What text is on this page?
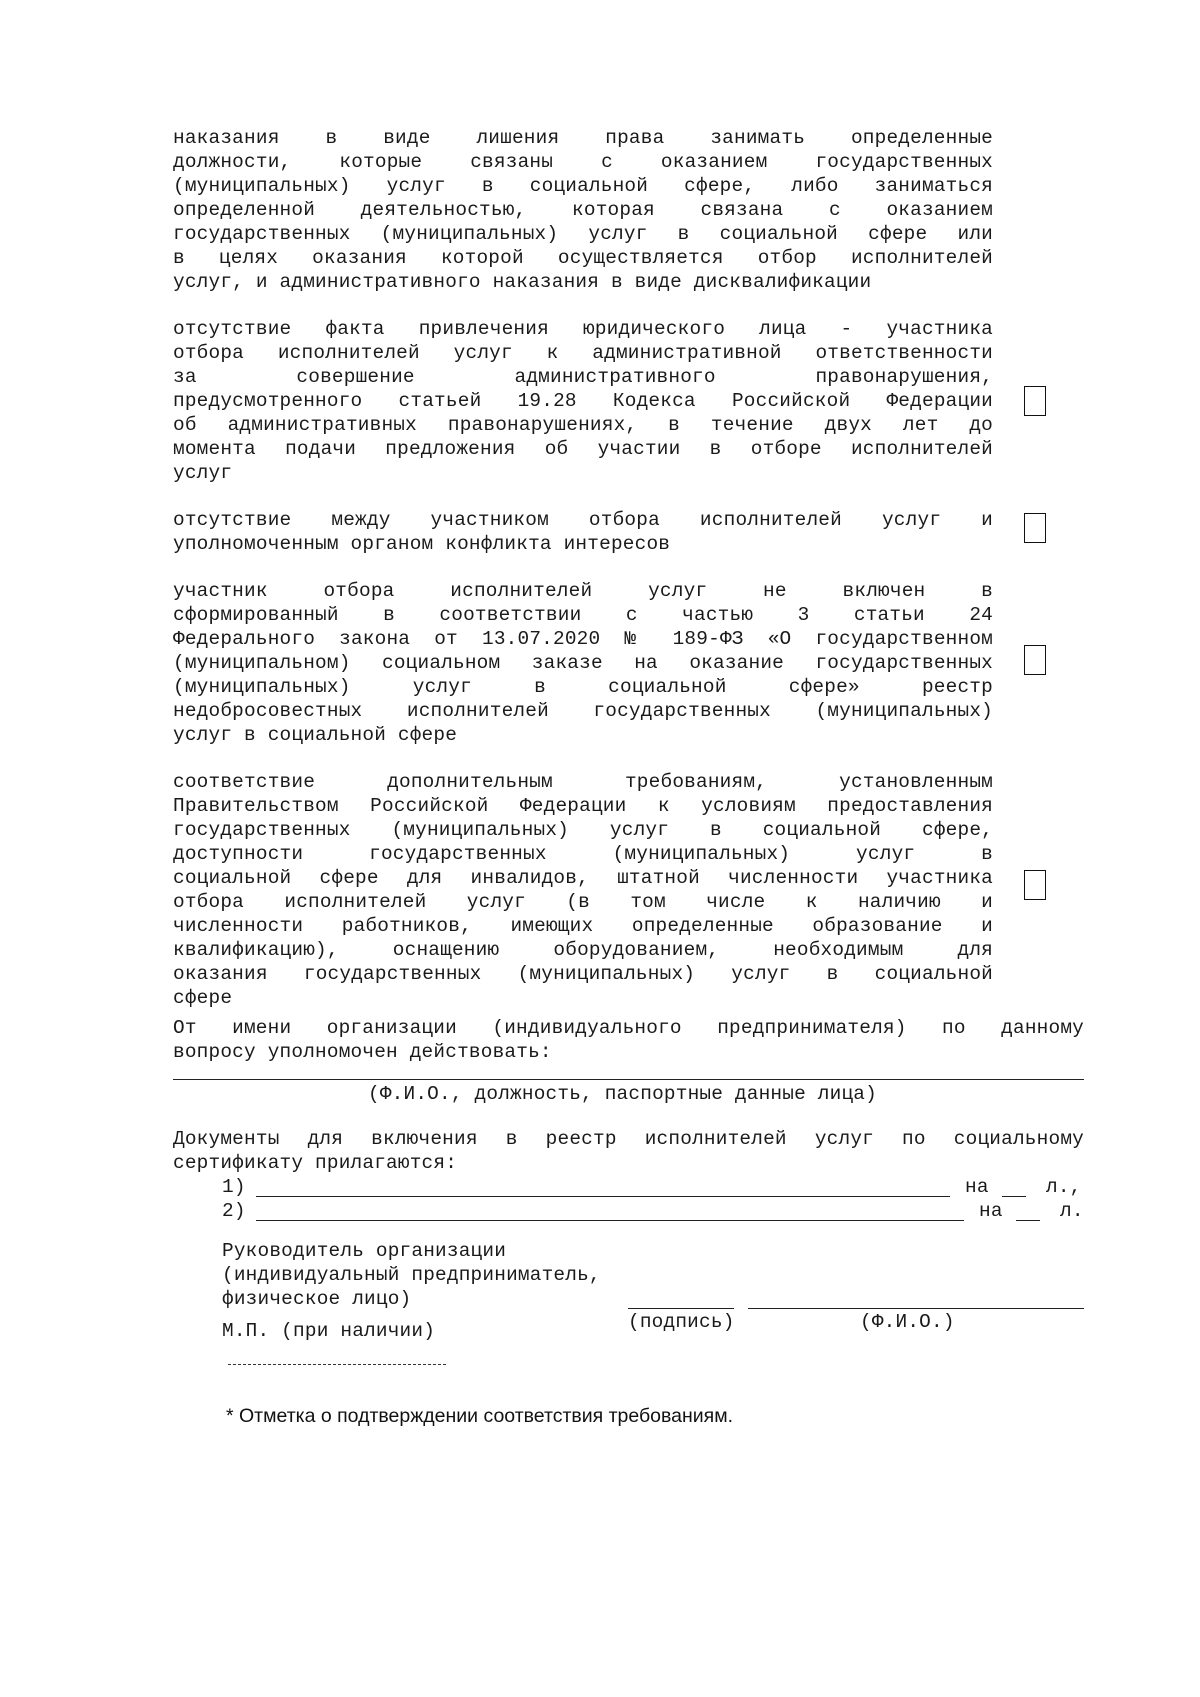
наказания в виде лишения права занимать определенные
должности, которые связаны с оказанием государственных
(муниципальных) услуг в социальной сфере, либо заниматься
определенной деятельностью, которая связана с оказанием
государственных (муниципальных) услуг в социальной сфере или
в целях оказания которой осуществляется отбор исполнителей
услуг, и административного наказания в виде дисквалификации
отсутствие факта привлечения юридического лица - участника
отбора исполнителей услуг к административной ответственности
за совершение административного правонарушения,
предусмотренного статьей 19.28 Кодекса Российской Федерации
об административных правонарушениях, в течение двух лет до
момента подачи предложения об участии в отборе исполнителей
услуг
отсутствие между участником отбора исполнителей услуг и
уполномоченным органом конфликта интересов
участник отбора исполнителей услуг не включен в
сформированный в соответствии с частью 3 статьи 24
Федерального закона от 13.07.2020 № 189-ФЗ «О государственном
(муниципальном) социальном заказе на оказание государственных
(муниципальных) услуг в социальной сфере» реестр
недобросовестных исполнителей государственных (муниципальных)
услуг в социальной сфере
соответствие дополнительным требованиям, установленным
Правительством Российской Федерации к условиям предоставления
государственных (муниципальных) услуг в социальной сфере,
доступности государственных (муниципальных) услуг в
социальной сфере для инвалидов, штатной численности участника
отбора исполнителей услуг (в том числе к наличию и
численности работников, имеющих определенные образование и
квалификацию), оснащению оборудованием, необходимым для
оказания государственных (муниципальных) услуг в социальной
сфере
От имени организации (индивидуального предпринимателя) по данному
вопросу уполномочен действовать:
(Ф.И.О., должность, паспортные данные лица)
Документы для включения в реестр исполнителей услуг по социальному
сертификату прилагаются:
1)	на	л.,
2)	на	л.
Руководитель организации
(индивидуальный предприниматель,
физическое лицо)
(подпись)	(Ф.И.О.)
М.П. (при наличии)
* Отметка о подтверждении соответствия требованиям.
